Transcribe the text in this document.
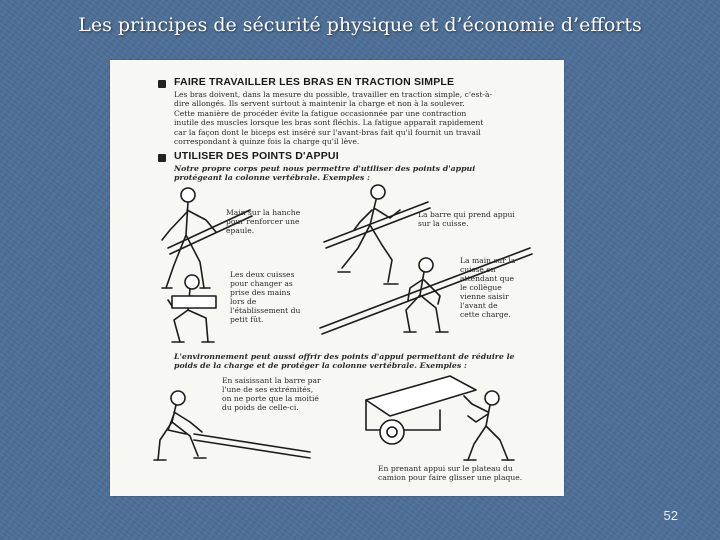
Les principes de sécurité physique et d’économie d’efforts
FAIRE TRAVAILLER LES BRAS EN TRACTION SIMPLE
Les bras doivent, dans la mesure du possible, travailler en traction simple, c'est-à-
dire allongés. Ils servent surtout à maintenir la charge et non à la soulever.
Cette manière de procéder évite la fatigue occasionnée par une contraction
inutile des muscles lorsque les bras sont fléchis. La fatigue apparaît rapidement
car la façon dont le biceps est inséré sur l'avant-bras fait qu'il fournit un travail
correspondant à quinze fois la charge qu'il lève.
UTILISER DES POINTS D'APPUI
Notre propre corps peut nous permettre d'utiliser des points d'appui
protégeant la colonne vertébrale. Exemples :
Main sur la hanche
pour renforcer une
épaule.
La barre qui prend appui
sur la cuisse.
La main sur la
cuisse en
attendant que
le collègue
vienne saisir
l'avant de
cette charge.
Les deux cuisses
pour changer as
prise des mains
lors de
l'établissement du
petit fût.
L'environnement peut aussi offrir des points d'appui permettant de réduire le
poids de la charge et de protéger la colonne vertébrale. Exemples :
En saisissant la barre par
l'une de ses extrémités,
on ne porte que la moitié
du poids de celle-ci.
En prenant appui sur le plateau du
camion pour faire glisser une plaque.
52
